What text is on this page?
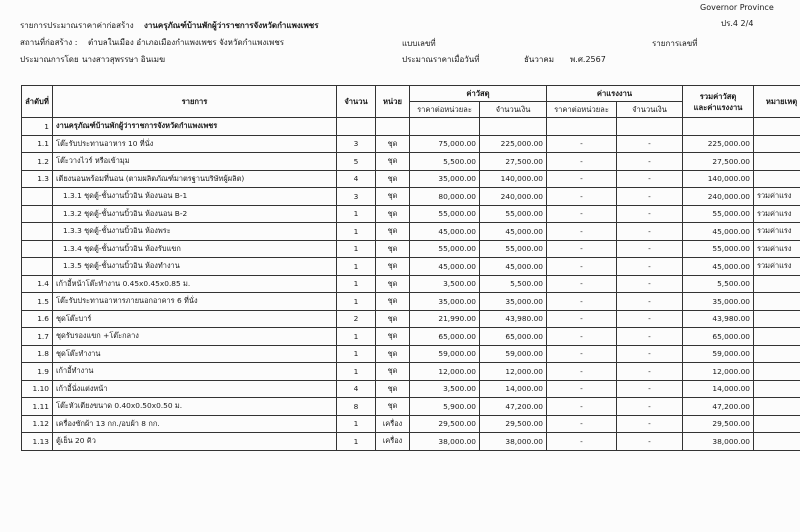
Governor Province
ปร.4 2/4
รายการประมาณราคาค่าก่อสร้าง งานครุภัณฑ์บ้านพักผู้ว่าราชการจังหวัดกำแพงเพชร
สถานที่ก่อสร้าง : ตำบลในเมือง อำเภอเมืองกำแพงเพชร จังหวัดกำแพงเพชร	แบบเลขที่	รายการเลขที่
ประมาณการโดย นางสาวสุพรรษา อินเมฆ	ประมาณราคาเมื่อวันที่	ธันวาคม พ.ศ.2567
ลำดับที่	รายการ	จำนวน	หน่วย	ค่าวัสดุ		ค่าแรงงาน		รวมค่าวัสดุ
และค่าแรงงาน	หมายเหตุ
				ราคาต่อหน่วยละ	จำนวนเงิน	ราคาต่อหน่วยละ	จำนวนเงิน		
1	งานครุภัณฑ์บ้านพักผู้ว่าราชการจังหวัดกำแพงเพชร								
1.1	โต๊ะรับประทานอาหาร 10 ที่นั่ง	3	ชุด	75,000.00	225,000.00	-	-	225,000.00	
1.2	โต๊ะวางไวร์ หรือเข้ามุม	5	ชุด	5,500.00	27,500.00	-	-	27,500.00	
1.3	เตียงนอนพร้อมที่นอน (ตามผลิตภัณฑ์มาตรฐานบริษัทผู้ผลิต)	4	ชุด	35,000.00	140,000.00	-	-	140,000.00	
	1.3.1 ชุดตู้-ชั้นงานบิ้วอิน ห้องนอน B-1	3	ชุด	80,000.00	240,000.00	-	-	240,000.00	รวมค่าแรง
	1.3.2 ชุดตู้-ชั้นงานบิ้วอิน ห้องนอน B-2	1	ชุด	55,000.00	55,000.00	-	-	55,000.00	รวมค่าแรง
	1.3.3 ชุดตู้-ชั้นงานบิ้วอิน ห้องพระ	1	ชุด	45,000.00	45,000.00	-	-	45,000.00	รวมค่าแรง
	1.3.4 ชุดตู้-ชั้นงานบิ้วอิน ห้องรับแขก	1	ชุด	55,000.00	55,000.00	-	-	55,000.00	รวมค่าแรง
	1.3.5 ชุดตู้-ชั้นงานบิ้วอิน ห้องทำงาน	1	ชุด	45,000.00	45,000.00	-	-	45,000.00	รวมค่าแรง
1.4	เก้าอี้หน้าโต๊ะทำงาน 0.45x0.45x0.85 ม.	1	ชุด	3,500.00	5,500.00	-	-	5,500.00	
1.5	โต๊ะรับประทานอาหารภายนอกอาคาร 6 ที่นั่ง	1	ชุด	35,000.00	35,000.00	-	-	35,000.00	
1.6	ชุดโต๊ะบาร์	2	ชุด	21,990.00	43,980.00	-	-	43,980.00	
1.7	ชุดรับรองแขก +โต๊ะกลาง	1	ชุด	65,000.00	65,000.00	-	-	65,000.00	
1.8	ชุดโต๊ะทำงาน	1	ชุด	59,000.00	59,000.00	-	-	59,000.00	
1.9	เก้าอี้ทำงาน	1	ชุด	12,000.00	12,000.00	-	-	12,000.00	
1.10	เก้าอี้นั่งแต่งหน้า	4	ชุด	3,500.00	14,000.00	-	-	14,000.00	
1.11	โต๊ะหัวเตียงขนาด 0.40x0.50x0.50 ม.	8	ชุด	5,900.00	47,200.00	-	-	47,200.00	
1.12	เครื่องซักผ้า 13 กก./อบผ้า 8 กก.	1	เครื่อง	29,500.00	29,500.00	-	-	29,500.00	
1.13	ตู้เย็น 20 คิว	1	เครื่อง	38,000.00	38,000.00	-	-	38,000.00	
